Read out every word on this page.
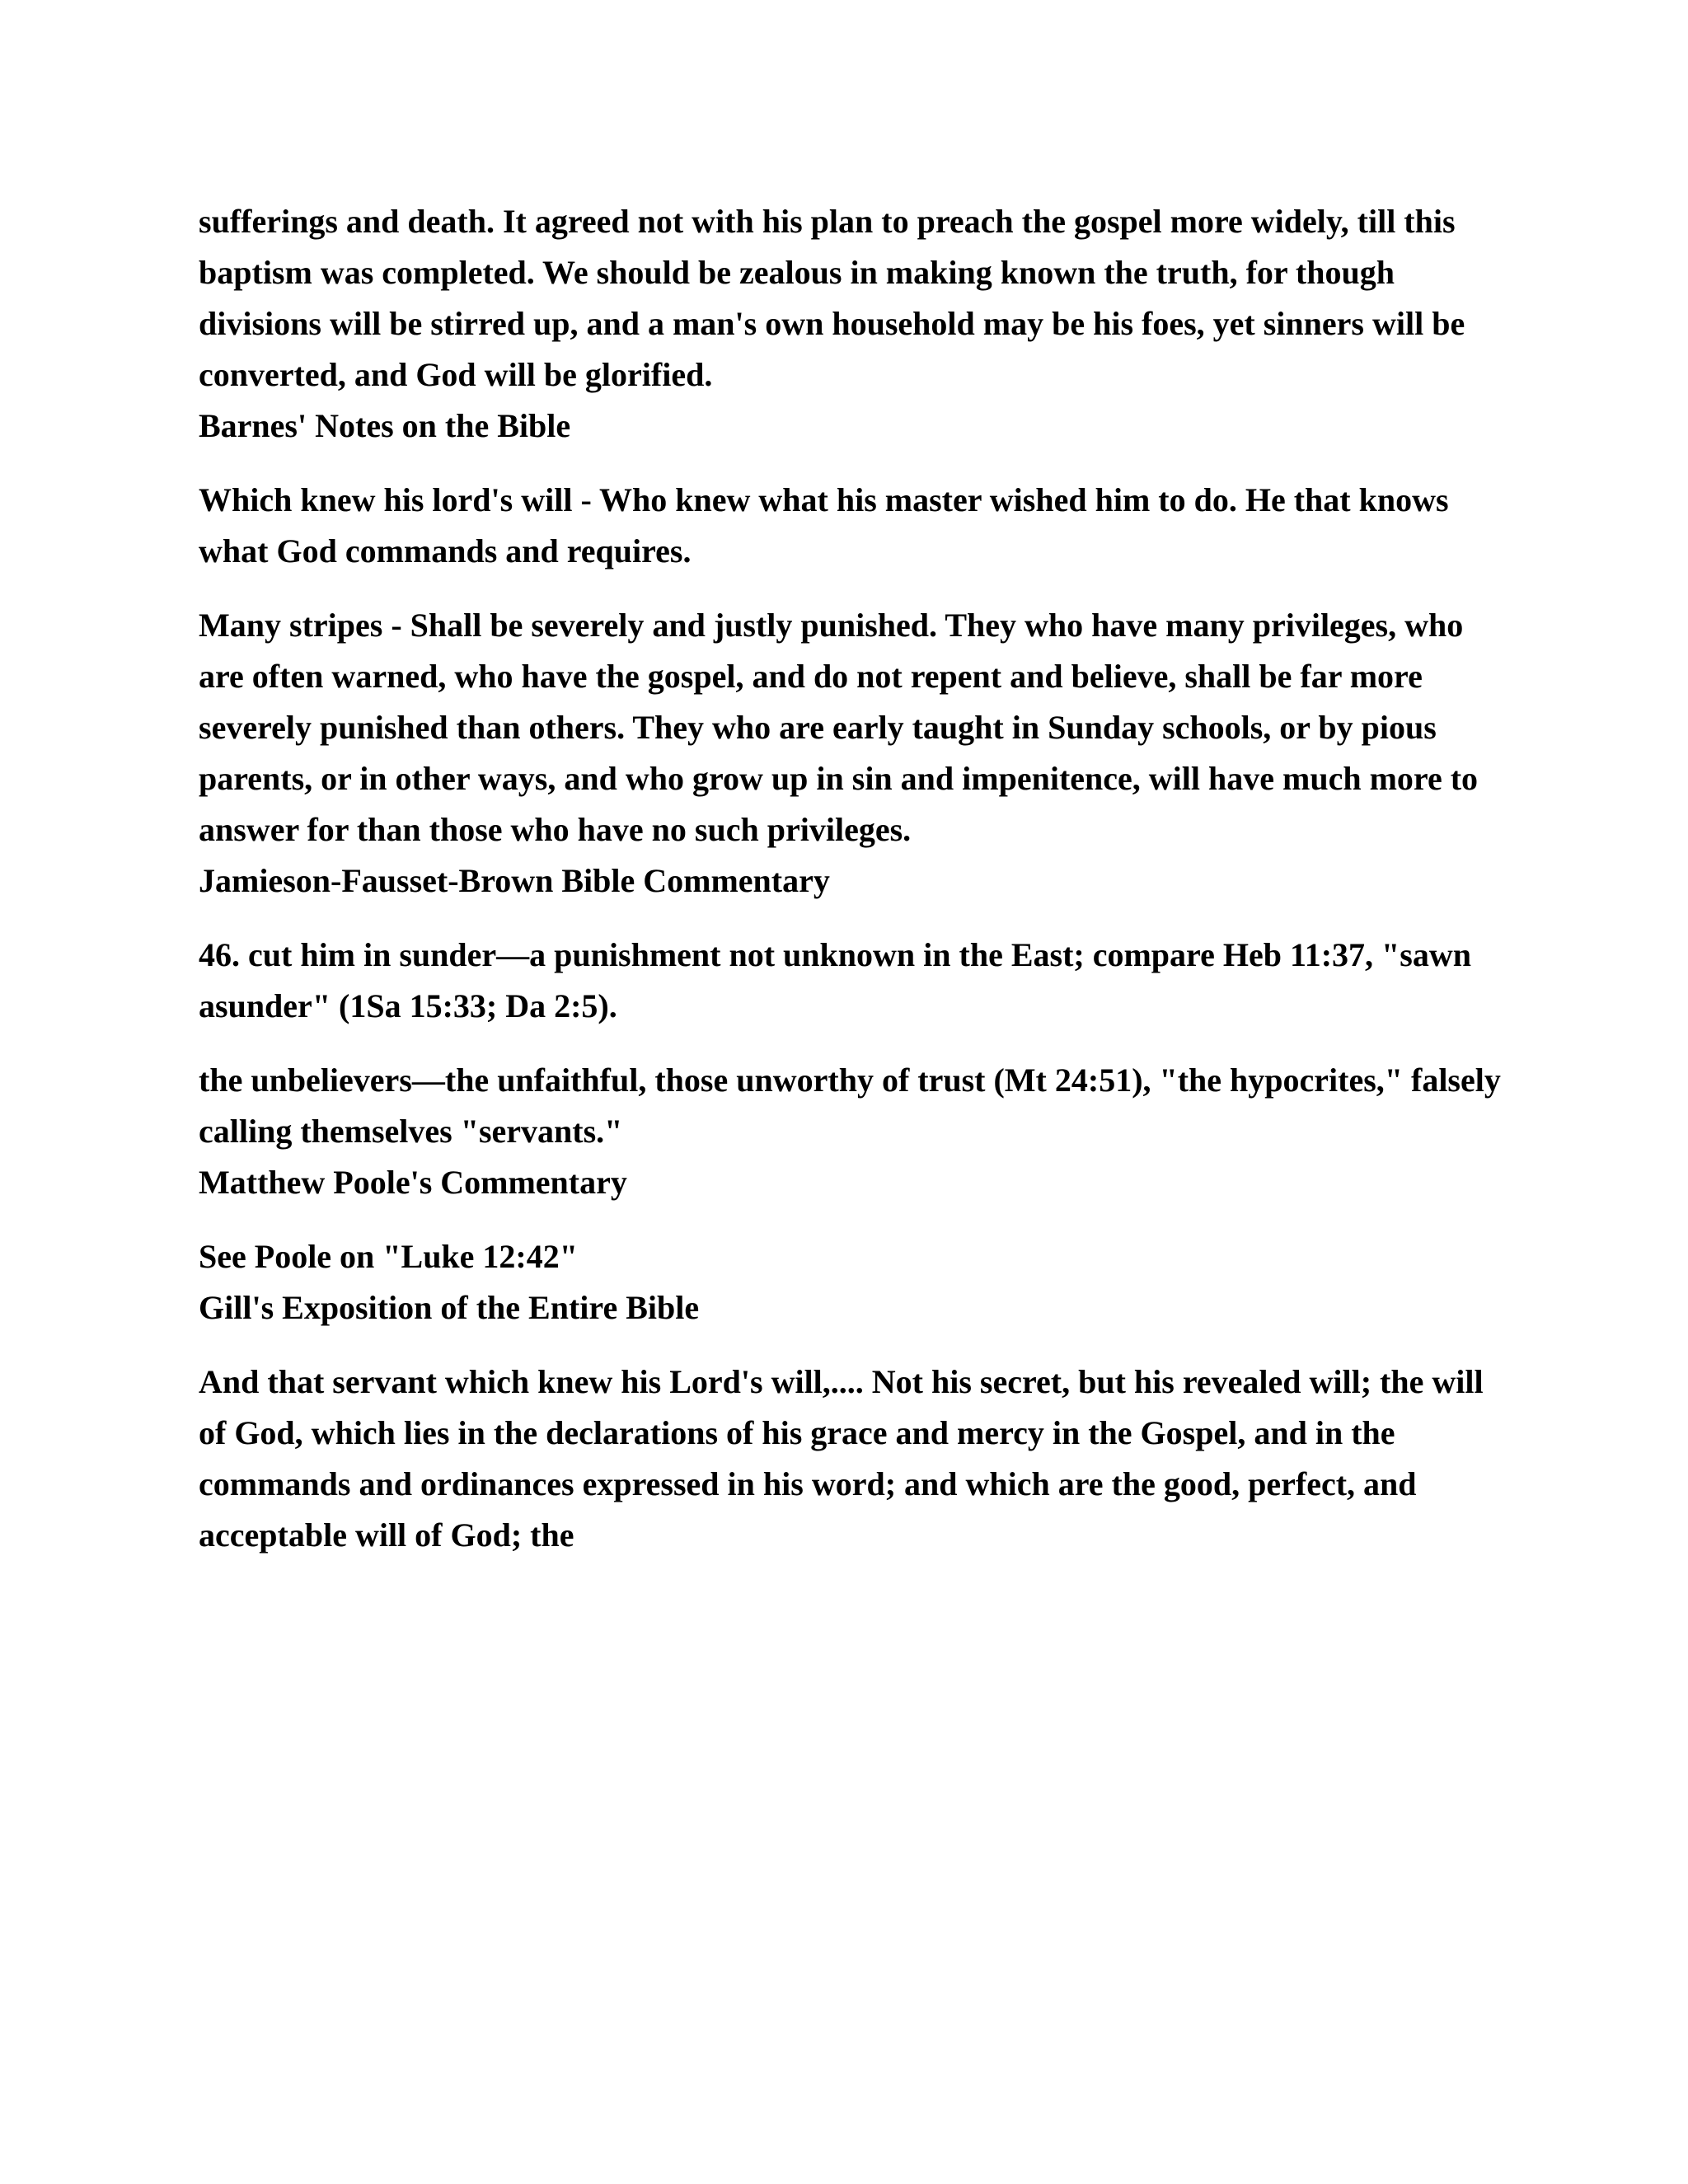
sufferings and death. It agreed not with his plan to preach the gospel more widely, till this baptism was completed. We should be zealous in making known the truth, for though divisions will be stirred up, and a man's own household may be his foes, yet sinners will be converted, and God will be glorified.

Barnes' Notes on the Bible

Which knew his lord's will - Who knew what his master wished him to do. He that knows what God commands and requires.

Many stripes - Shall be severely and justly punished. They who have many privileges, who are often warned, who have the gospel, and do not repent and believe, shall be far more severely punished than others. They who are early taught in Sunday schools, or by pious parents, or in other ways, and who grow up in sin and impenitence, will have much more to answer for than those who have no such privileges.

Jamieson-Fausset-Brown Bible Commentary

46. cut him in sunder—a punishment not unknown in the East; compare Heb 11:37, "sawn asunder" (1Sa 15:33; Da 2:5).

the unbelievers—the unfaithful, those unworthy of trust (Mt 24:51), "the hypocrites," falsely calling themselves "servants."

Matthew Poole's Commentary

See Poole on "Luke 12:42"

Gill's Exposition of the Entire Bible

And that servant which knew his Lord's will,.... Not his secret, but his revealed will; the will of God, which lies in the declarations of his grace and mercy in the Gospel, and in the commands and ordinances expressed in his word; and which are the good, perfect, and acceptable will of God; the
